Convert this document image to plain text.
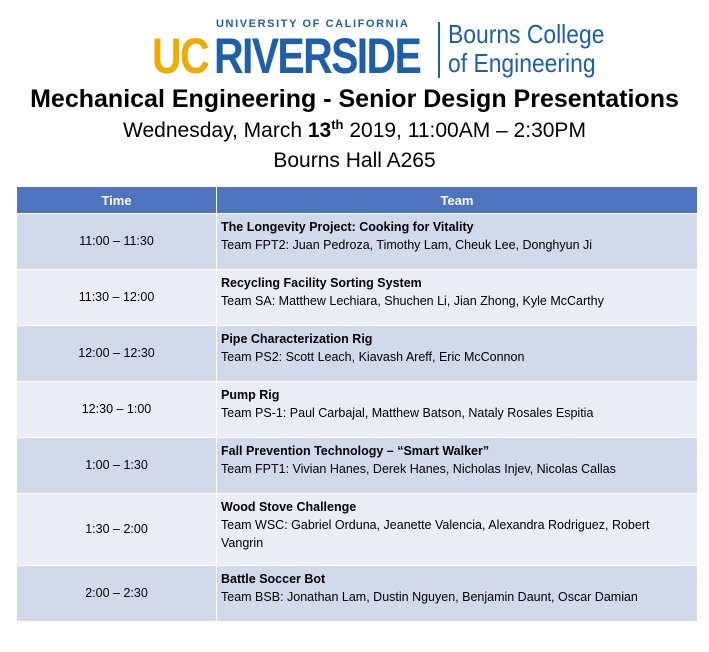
UC
UNIVERSITY OF CALIFORNIA
RIVERSIDE Bourns College
of Engineering
Mechanical Engineering - Senior Design Presentations
Wednesday, March 13th 2019, 11:00AM – 2:30PM
Bourns Hall A265
Time	Team
11:00 – 11:30	The Longevity Project: Cooking for Vitality
Team FPT2: Juan Pedroza, Timothy Lam, Cheuk Lee, Donghyun Ji

11:30 – 12:00	Recycling Facility Sorting System
Team SA: Matthew Lechiara, Shuchen Li, Jian Zhong, Kyle McCarthy

12:00 – 12:30	Pipe Characterization Rig
Team PS2: Scott Leach, Kiavash Areff, Eric McConnon

12:30 – 1:00	Pump Rig
Team PS-1: Paul Carbajal, Matthew Batson, Nataly Rosales Espitia

1:00 – 1:30	Fall Prevention Technology – “Smart Walker”
Team FPT1: Vivian Hanes, Derek Hanes, Nicholas Injev, Nicolas Callas

1:30 – 2:00	Wood Stove Challenge
Team WSC: Gabriel Orduna, Jeanette Valencia, Alexandra Rodriguez, Robert Vangrin

2:00 – 2:30	Battle Soccer Bot
Team BSB: Jonathan Lam, Dustin Nguyen, Benjamin Daunt, Oscar Damian
